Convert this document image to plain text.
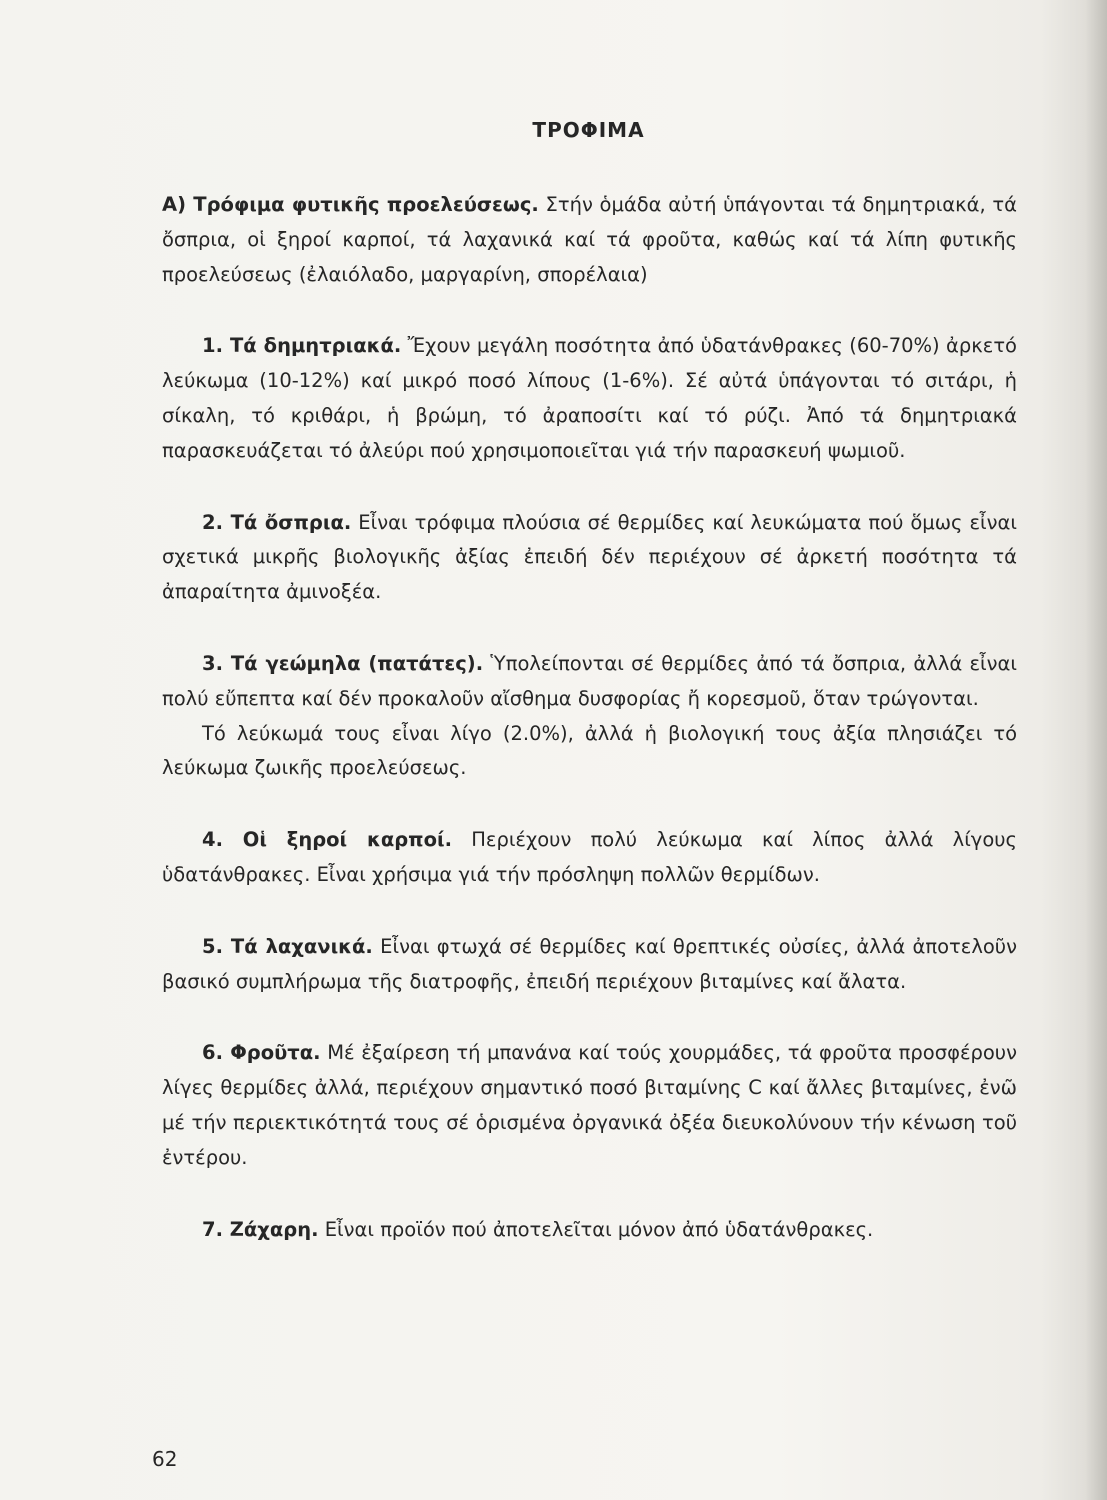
ΤΡΟΦΙΜΑ

Α) Τρόφιμα φυτικῆς προελεύσεως. Στήν ὁμάδα αὐτή ὑπάγονται τά δημητριακά, τά ὄσπρια, οἱ ξηροί καρποί, τά λαχανικά καί τά φροῦτα, καθώς καί τά λίπη φυτικῆς προελεύσεως (ἐλαιόλαδο, μαργαρίνη, σπορέλαια)

1. Τά δημητριακά. Ἔχουν μεγάλη ποσότητα ἀπό ὑδατάνθρακες (60-70%) ἀρκετό λεύκωμα (10-12%) καί μικρό ποσό λίπους (1-6%). Σέ αὐτά ὑπάγονται τό σιτάρι, ἡ σίκαλη, τό κριθάρι, ἡ βρώμη, τό ἀραποσίτι καί τό ρύζι. Ἀπό τά δημητριακά παρασκευάζεται τό ἀλεύρι πού χρησιμοποιεῖται γιά τήν παρασκευή ψωμιοῦ.

2. Τά ὄσπρια. Εἶναι τρόφιμα πλούσια σέ θερμίδες καί λευκώματα πού ὅμως εἶναι σχετικά μικρῆς βιολογικῆς ἀξίας ἐπειδή δέν περιέχουν σέ ἀρκετή ποσότητα τά ἀπαραίτητα ἀμινοξέα.

3. Τά γεώμηλα (πατάτες). Ὑπολείπονται σέ θερμίδες ἀπό τά ὄσπρια, ἀλλά εἶναι πολύ εὔπεπτα καί δέν προκαλοῦν αἴσθημα δυσφορίας ἤ κορεσμοῦ, ὅταν τρώγονται.

Τό λεύκωμά τους εἶναι λίγο (2.0%), ἀλλά ἡ βιολογική τους ἀξία πλησιάζει τό λεύκωμα ζωικῆς προελεύσεως.

4. Οἱ ξηροί καρποί. Περιέχουν πολύ λεύκωμα καί λίπος ἀλλά λίγους ὑδατάνθρακες. Εἶναι χρήσιμα γιά τήν πρόσληψη πολλῶν θερμίδων.

5. Τά λαχανικά. Εἶναι φτωχά σέ θερμίδες καί θρεπτικές οὐσίες, ἀλλά ἀποτελοῦν βασικό συμπλήρωμα τῆς διατροφῆς, ἐπειδή περιέχουν βιταμίνες καί ἄλατα.

6. Φροῦτα. Μέ ἐξαίρεση τή μπανάνα καί τούς χουρμάδες, τά φροῦτα προσφέρουν λίγες θερμίδες ἀλλά, περιέχουν σημαντικό ποσό βιταμίνης C καί ἄλλες βιταμίνες, ἐνῶ μέ τήν περιεκτικότητά τους σέ ὁρισμένα ὀργανικά ὀξέα διευκολύνουν τήν κένωση τοῦ ἐντέρου.

7. Ζάχαρη. Εἶναι προϊόν πού ἀποτελεῖται μόνον ἀπό ὑδατάνθρακες.

62
